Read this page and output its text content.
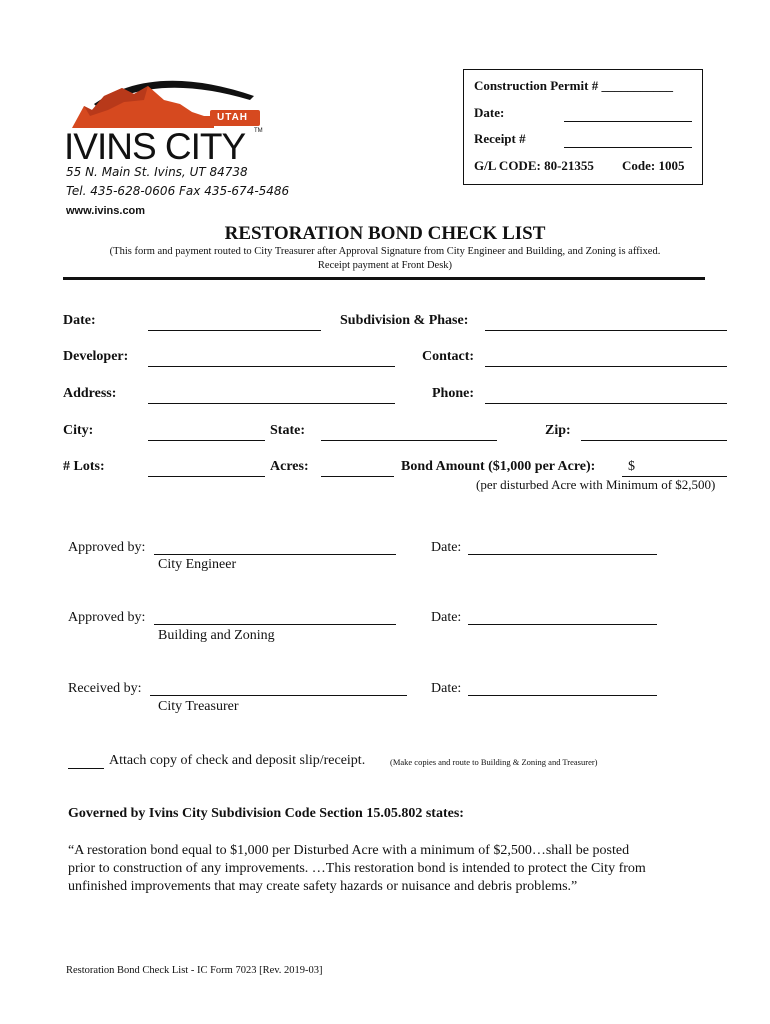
UTAH
IVINS CITY TM
55 N. Main St. Ivins, UT 84738
Tel. 435-628-0606 Fax 435-674-5486
www.ivins.com
Construction Permit # ___________
Date:
Receipt #
G/L CODE: 80-21355 Code: 1005
RESTORATION BOND CHECK LIST
(This form and payment routed to City Treasurer after Approval Signature from City Engineer and Building, and Zoning is affixed.
Receipt payment at Front Desk)
Date:	Subdivision & Phase:
Developer:	Contact:
Address:	Phone:
City:	State:	Zip:
# Lots:	Acres:	Bond Amount ($1,000 per Acre): $
(per disturbed Acre with Minimum of $2,500)
Approved by:
City Engineer
Date:
Approved by:
Building and Zoning
Date:
Received by:
City Treasurer
Date:
Attach copy of check and deposit slip/receipt.	(Make copies and route to Building & Zoning and Treasurer)
Governed by Ivins City Subdivision Code Section 15.05.802 states:
“A restoration bond equal to $1,000 per Disturbed Acre with a minimum of $2,500…shall be posted
prior to construction of any improvements. …This restoration bond is intended to protect the City from
unfinished improvements that may create safety hazards or nuisance and debris problems.”
Restoration Bond Check List - IC Form 7023 [Rev. 2019-03]
